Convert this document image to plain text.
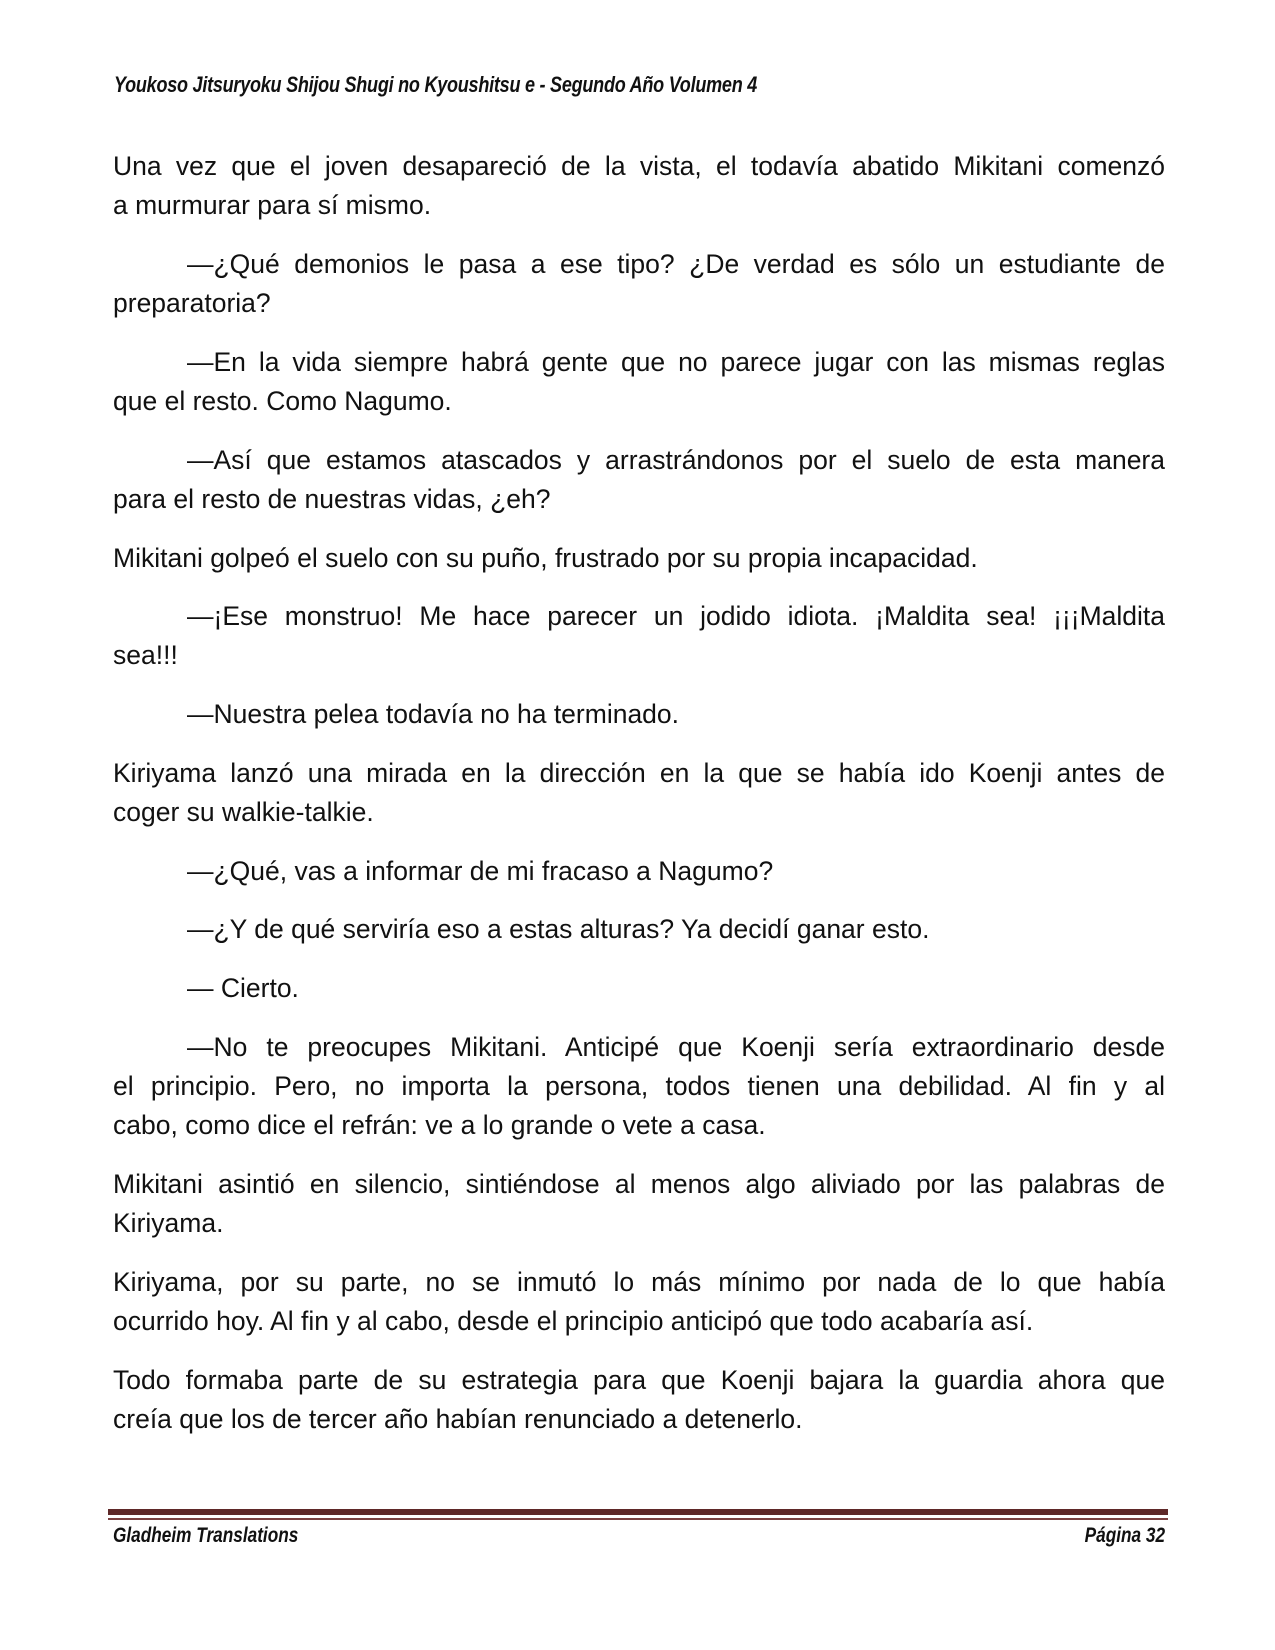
Youkoso Jitsuryoku Shijou Shugi no Kyoushitsu e - Segundo Año Volumen 4
Una vez que el joven desapareció de la vista, el todavía abatido Mikitani comenzó
a murmurar para sí mismo.
—¿Qué demonios le pasa a ese tipo? ¿De verdad es sólo un estudiante de
preparatoria?
—En la vida siempre habrá gente que no parece jugar con las mismas reglas
que el resto. Como Nagumo.
—Así que estamos atascados y arrastrándonos por el suelo de esta manera
para el resto de nuestras vidas, ¿eh?
Mikitani golpeó el suelo con su puño, frustrado por su propia incapacidad.
—¡Ese monstruo! Me hace parecer un jodido idiota. ¡Maldita sea! ¡¡¡Maldita
sea!!!
—Nuestra pelea todavía no ha terminado.
Kiriyama lanzó una mirada en la dirección en la que se había ido Koenji antes de
coger su walkie-talkie.
—¿Qué, vas a informar de mi fracaso a Nagumo?
—¿Y de qué serviría eso a estas alturas? Ya decidí ganar esto.
— Cierto.
—No te preocupes Mikitani. Anticipé que Koenji sería extraordinario desde
el principio. Pero, no importa la persona, todos tienen una debilidad. Al fin y al
cabo, como dice el refrán: ve a lo grande o vete a casa.
Mikitani asintió en silencio, sintiéndose al menos algo aliviado por las palabras de
Kiriyama.
Kiriyama, por su parte, no se inmutó lo más mínimo por nada de lo que había
ocurrido hoy. Al fin y al cabo, desde el principio anticipó que todo acabaría así.
Todo formaba parte de su estrategia para que Koenji bajara la guardia ahora que
creía que los de tercer año habían renunciado a detenerlo.
Gladheim Translations	Página 32
